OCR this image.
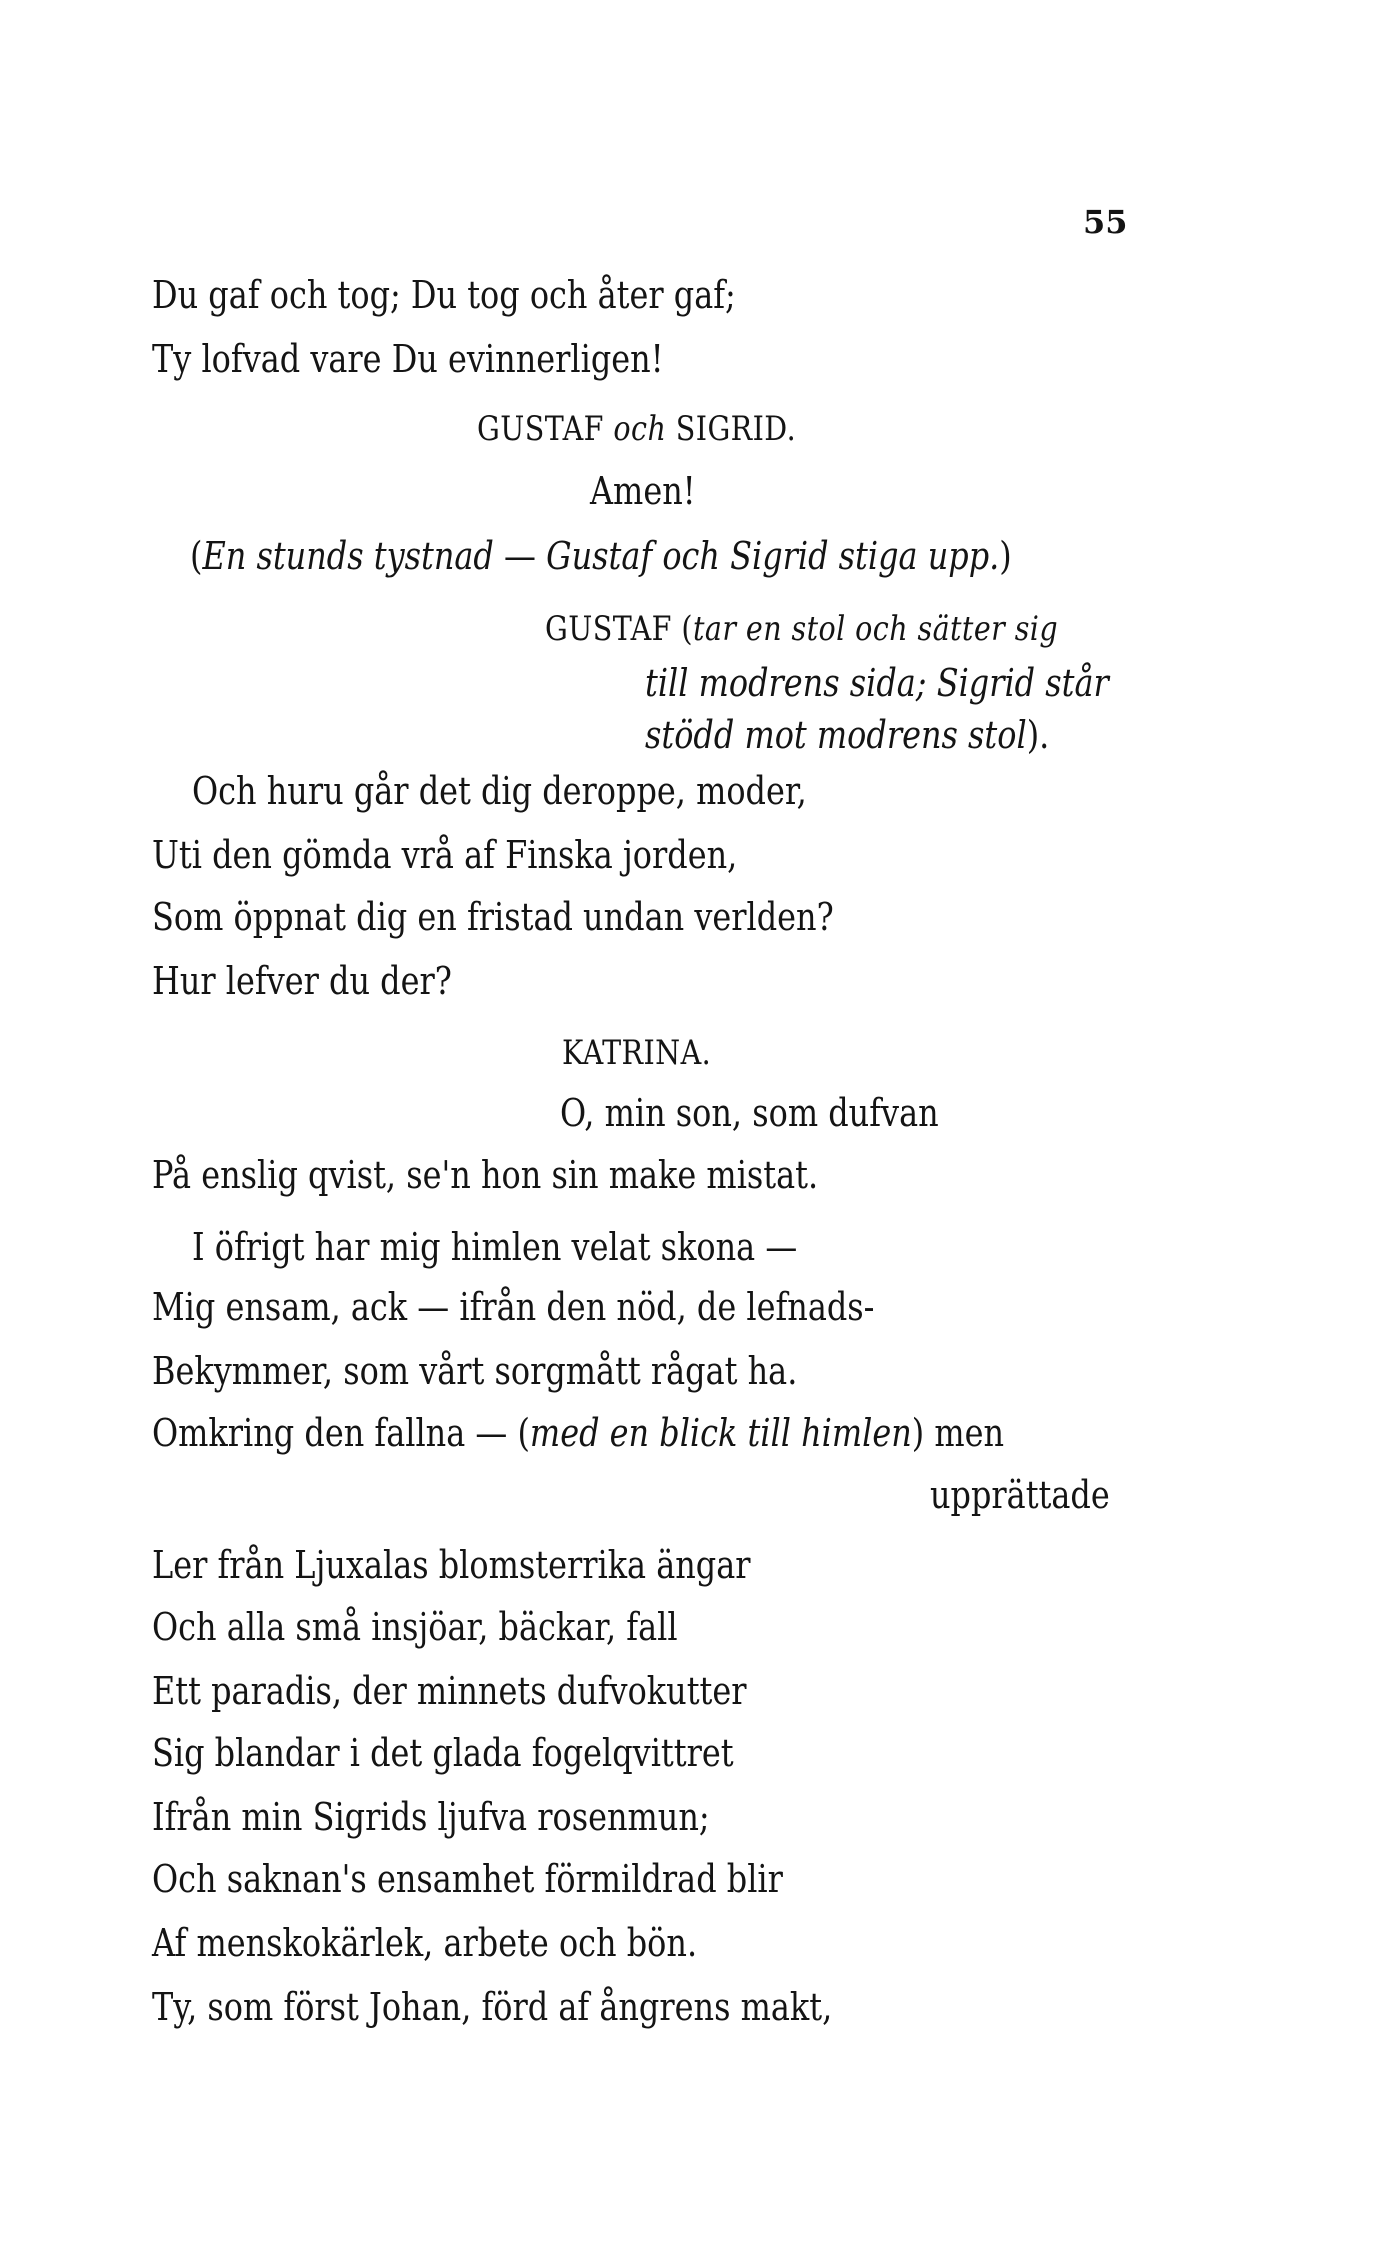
55
Du gaf och tog; Du tog och åter gaf;
Ty lofvad vare Du evinnerligen!
GUSTAF och SIGRID.
Amen!
(En stunds tystnad — Gustaf och Sigrid stiga upp.)
GUSTAF (tar en stol och sätter sig
till modrens sida; Sigrid står
stödd mot modrens stol).
Och huru går det dig deroppe, moder,
Uti den gömda vrå af Finska jorden,
Som öppnat dig en fristad undan verlden?
Hur lefver du der?
KATRINA.
O, min son, som dufvan
På enslig qvist, se'n hon sin make mistat.
I öfrigt har mig himlen velat skona —
Mig ensam, ack — ifrån den nöd, de lefnads-
Bekymmer, som vårt sorgmått rågat ha.
Omkring den fallna — (med en blick till himlen) men
upprättade
Ler från Ljuxalas blomsterrika ängar
Och alla små insjöar, bäckar, fall
Ett paradis, der minnets dufvokutter
Sig blandar i det glada fogelqvittret
Ifrån min Sigrids ljufva rosenmun;
Och saknan's ensamhet förmildrad blir
Af menskokärlek, arbete och bön.
Ty, som först Johan, förd af ångrens makt,
